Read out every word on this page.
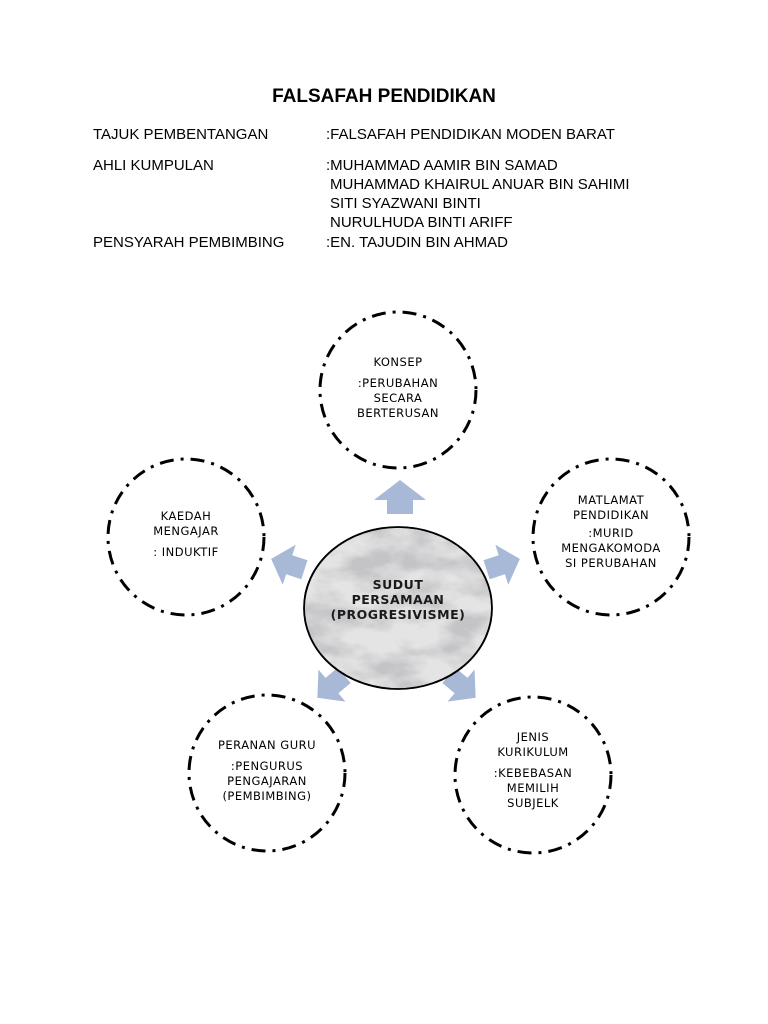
FALSAFAH PENDIDIKAN
TAJUK PEMBENTANGAN	:FALSAFAH PENDIDIKAN MODEN BARAT
AHLI KUMPULAN	:MUHAMMAD AAMIR BIN SAMAD
MUHAMMAD KHAIRUL ANUAR BIN SAHIMI
SITI SYAZWANI BINTI
NURULHUDA BINTI ARIFF
PENSYARAH PEMBIMBING	:EN. TAJUDIN BIN AHMAD
SUDUT
PERSAMAAN
(PROGRESIVISME)
KONSEP
:PERUBAHAN
SECARA
BERTERUSAN
MATLAMAT
PENDIDIKAN
:MURID
MENGAKOMODA
SI PERUBAHAN
JENIS
KURIKULUM
:KEBEBASAN
MEMILIH
SUBJELK
PERANAN GURU
:PENGURUS
PENGAJARAN
(PEMBIMBING)
KAEDAH
MENGAJAR
: INDUKTIF
